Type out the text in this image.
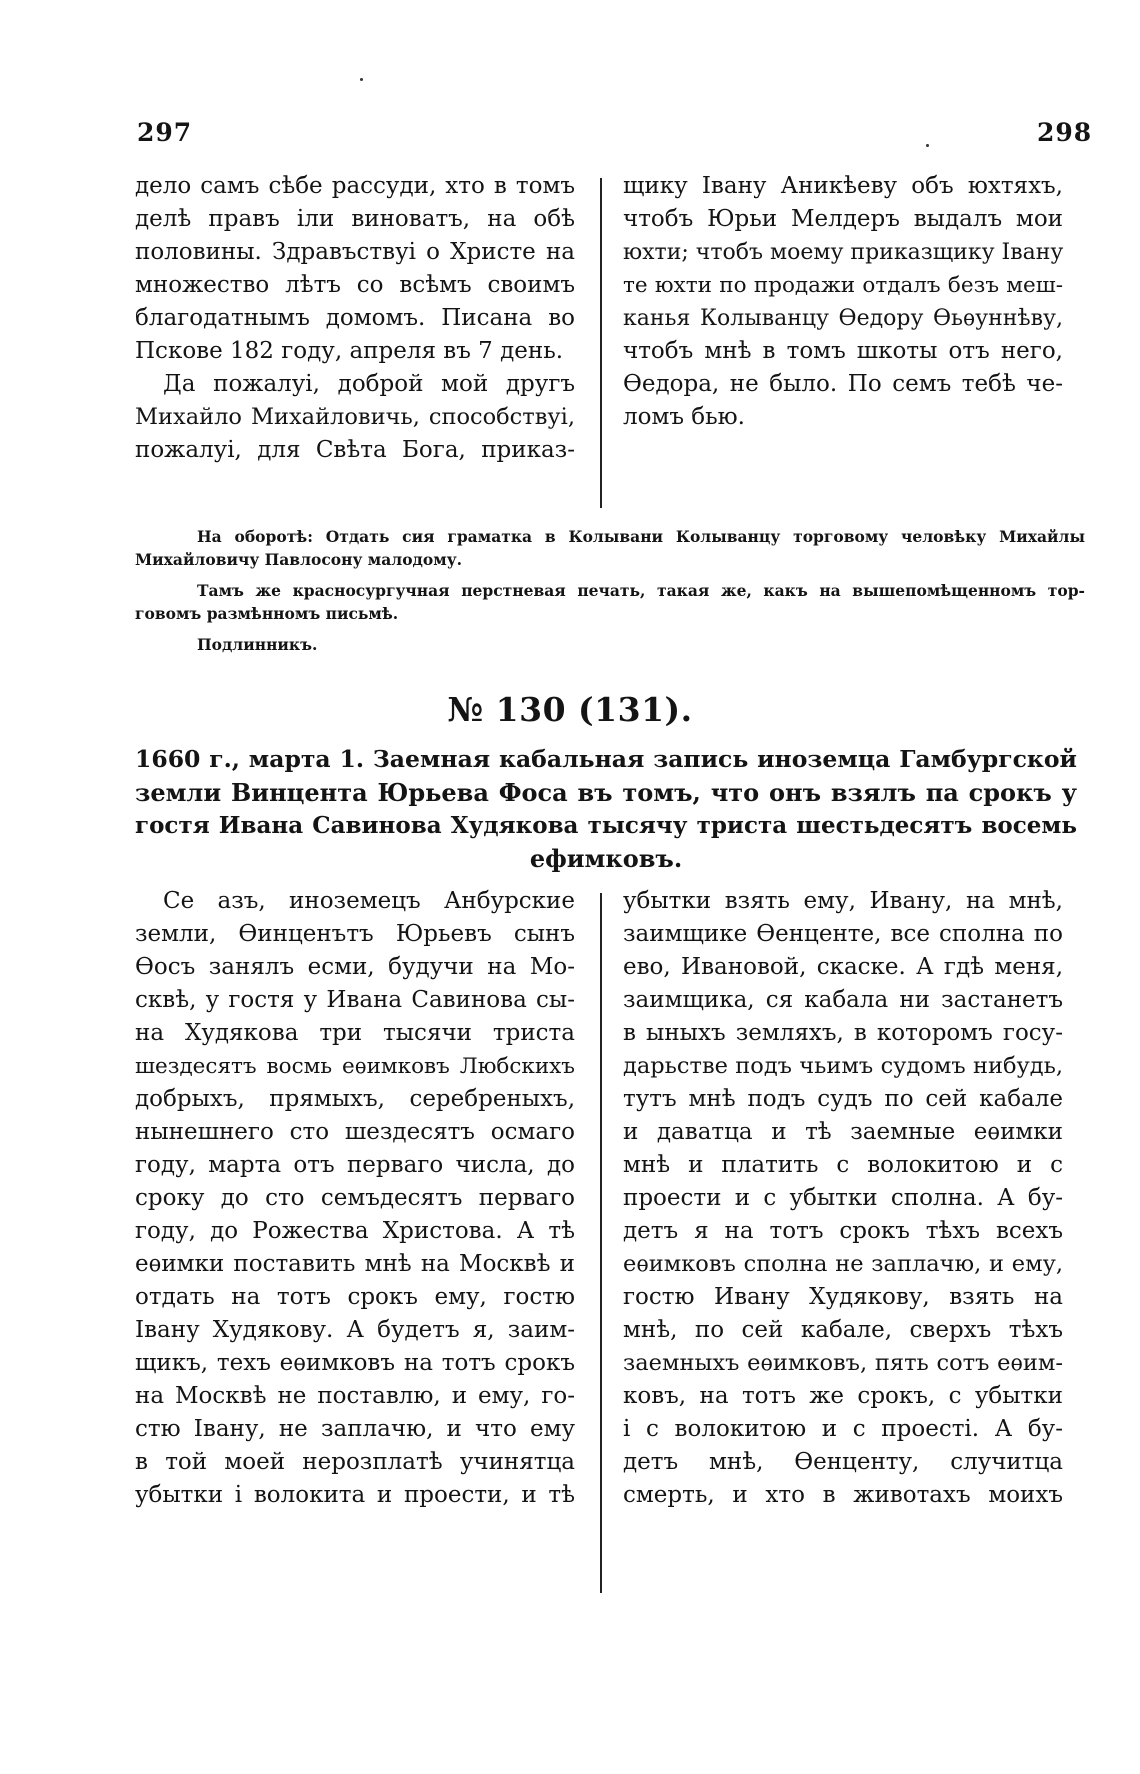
297	298
дело самъ сѣбе рассуди, хто в томъ
делѣ правъ іли виноватъ, на обѣ
половины. Здравъствуі о Христе на
множество лѣтъ со всѣмъ своимъ
благодатнымъ домомъ. Писана во
Пскове 182 году, апреля въ 7 день.
Да пожалуі, доброй мой другъ
Михайло Михайловичь, способствуі,
пожалуі, для Свѣта Бога, приказ-
щику Івану Аникѣеву объ юхтяхъ,
чтобъ Юрьи Мелдеръ выдалъ мои
юхти; чтобъ моему приказщику Івану
те юхти по продажи отдалъ безъ меш-
канья Колыванцу Ѳедору Ѳьѳуннѣву,
чтобъ мнѣ в томъ шкоты отъ него,
Ѳедора, не было. По семъ тебѣ че-
ломъ бью.
На оборотѣ: Отдать сия граматка в Колывани Колыванцу торговому человѣку Михайлы
Михайловичу Павлосону малодому.
Тамъ же красносургучная перстневая печать, такая же, какъ на вышепомѣщенномъ тор-
говомъ размѣнномъ письмѣ.
Подлинникъ.
№ 130 (131).
1660 г., марта 1. Заемная кабальная запись иноземца Гамбургской
земли Винцента Юрьева Фоса въ томъ, что онъ взялъ па срокъ у
гостя Ивана Савинова Худякова тысячу триста шестьдесятъ восемь
ефимковъ.
Се азъ, иноземецъ Анбурские
земли, Ѳинценътъ Юрьевъ сынъ
Ѳосъ занялъ есми, будучи на Мо-
сквѣ, у гостя у Ивана Савинова сы-
на Худякова три тысячи триста
шездесятъ восмь еѳимковъ Любскихъ
добрыхъ, прямыхъ, серебреныхъ,
нынешнего сто шездесятъ осмаго
году, марта отъ перваго числа, до
сроку до сто семъдесятъ перваго
году, до Рожества Христова. А тѣ
еѳимки поставить мнѣ на Москвѣ и
отдать на тотъ срокъ ему, гостю
Івану Худякову. А будетъ я, заим-
щикъ, техъ еѳимковъ на тотъ срокъ
на Москвѣ не поставлю, и ему, го-
стю Івану, не заплачю, и что ему
в той моей нерозплатѣ учинятца
убытки і волокита и проести, и тѣ
убытки взять ему, Ивану, на мнѣ,
заимщике Ѳенценте, все сполна по
ево, Ивановой, скаске. А гдѣ меня,
заимщика, ся кабала ни застанетъ
в ыныхъ земляхъ, в которомъ госу-
дарьстве подъ чьимъ судомъ нибудь,
тутъ мнѣ подъ судъ по сей кабале
и даватца и тѣ заемные еѳимки
мнѣ и платить с волокитою и с
проести и с убытки сполна. А бу-
детъ я на тотъ срокъ тѣхъ всехъ
еѳимковъ сполна не заплачю, и ему,
гостю Ивану Худякову, взять на
мнѣ, по сей кабале, сверхъ тѣхъ
заемныхъ еѳимковъ, пять сотъ еѳим-
ковъ, на тотъ же срокъ, с убытки
і с волокитою и с проесті. А бу-
детъ мнѣ, Ѳенценту, случитца
смерть, и хто в животахъ моихъ
